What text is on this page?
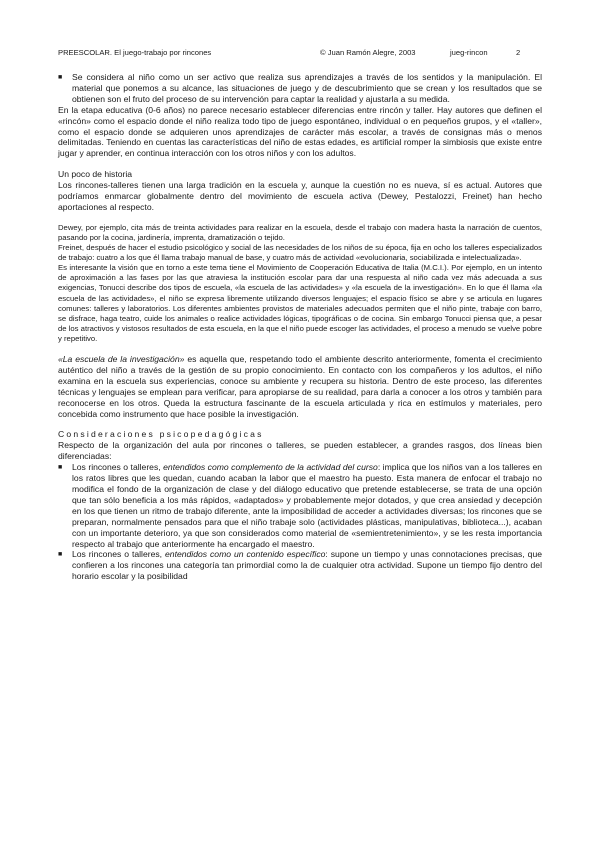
PREESCOLAR. El juego-trabajo por rincones	© Juan Ramón Alegre, 2003	jueg-rincon	2
■	Se considera al niño como un ser activo que realiza sus aprendizajes a través de los sentidos y la manipulación. El material que ponemos a su alcance, las situaciones de juego y de descubrimiento que se crean y los resultados que se obtienen son el fruto del proceso de su intervención para captar la realidad y ajustarla a su medida.

En la etapa educativa (0-6 años) no parece necesario establecer diferencias entre rincón y taller. Hay autores que definen el «rincón» como el espacio donde el niño realiza todo tipo de juego espontáneo, individual o en pequeños grupos, y el «taller», como el espacio donde se adquieren unos aprendizajes de carácter más escolar, a través de consignas más o menos delimitadas. Teniendo en cuentas las características del niño de estas edades, es artificial romper la simbiosis que existe entre jugar y aprender, en continua interacción con los otros niños y con los adultos.

Un poco de historia

Los rincones-talleres tienen una larga tradición en la escuela y, aunque la cuestión no es nueva, sí es actual. Autores que podríamos enmarcar globalmente dentro del movimiento de escuela activa (Dewey, Pestalozzi, Freinet) han hecho aportaciones al respecto.

Dewey, por ejemplo, cita más de treinta actividades para realizar en la escuela, desde el trabajo con madera hasta la narración de cuentos, pasando por la cocina, jardinería, imprenta, dramatización o tejido.

Freinet, después de hacer el estudio psicológico y social de las necesidades de los niños de su época, fija en ocho los talleres especializados de trabajo: cuatro a los que él llama trabajo manual de base, y cuatro más de actividad «evolucionaria, sociabilizada e intelectualizada».

Es interesante la visión que en torno a este tema tiene el Movimiento de Cooperación Educativa de Italia (M.C.I.). Por ejemplo, en un intento de aproximación a las fases por las que atraviesa la institución escolar para dar una respuesta al niño cada vez más adecuada a sus exigencias, Tonucci describe dos tipos de escuela, «la escuela de las actividades» y «la escuela de la investigación». En lo que él llama «la escuela de las actividades», el niño se expresa libremente utilizando diversos lenguajes; el espacio físico se abre y se articula en lugares comunes: talleres y laboratorios. Los diferentes ambientes provistos de materiales adecuados permiten que el niño pinte, trabaje con barro, se disfrace, haga teatro, cuide los animales o realice actividades lógicas, tipográficas o de cocina. Sin embargo Tonucci piensa que, a pesar de los atractivos y vistosos resultados de esta escuela, en la que el niño puede escoger las actividades, el proceso a menudo se vuelve pobre y repetitivo.

«La escuela de la investigación» es aquella que, respetando todo el ambiente descrito anteriormente, fomenta el crecimiento auténtico del niño a través de la gestión de su propio conocimiento. En contacto con los compañeros y los adultos, el niño examina en la escuela sus experiencias, conoce su ambiente y recupera su historia. Dentro de este proceso, las diferentes técnicas y lenguajes se emplean para verificar, para apropiarse de su realidad, para darla a conocer a los otros y también para reconocerse en los otros. Queda la estructura fascinante de la escuela articulada y rica en estímulos y materiales, pero concebida como instrumento que hace posible la investigación.

Consideraciones psicopedagógicas

Respecto de la organización del aula por rincones o talleres, se pueden establecer, a grandes rasgos, dos líneas bien diferenciadas:

■	Los rincones o talleres, entendidos como complemento de la actividad del curso: implica que los niños van a los talleres en los ratos libres que les quedan, cuando acaban la labor que el maestro ha puesto. Esta manera de enfocar el trabajo no modifica el fondo de la organización de clase y del diálogo educativo que pretende establecerse, se trata de una opción que tan sólo beneficia a los más rápidos, «adaptados» y probablemente mejor dotados, y que crea ansiedad y decepción en los que tienen un ritmo de trabajo diferente, ante la imposibilidad de acceder a actividades diversas; los rincones que se preparan, normalmente pensados para que el niño trabaje solo (actividades plásticas, manipulativas, biblioteca...), acaban con un importante deterioro, ya que son considerados como material de «semientretenimiento», y se les resta importancia respecto al trabajo que anteriormente ha encargado el maestro.

■	Los rincones o talleres, entendidos como un contenido específico: supone un tiempo y unas connotaciones precisas, que confieren a los rincones una categoría tan primordial como la de cualquier otra actividad. Supone un tiempo fijo dentro del horario escolar y la posibilidad
